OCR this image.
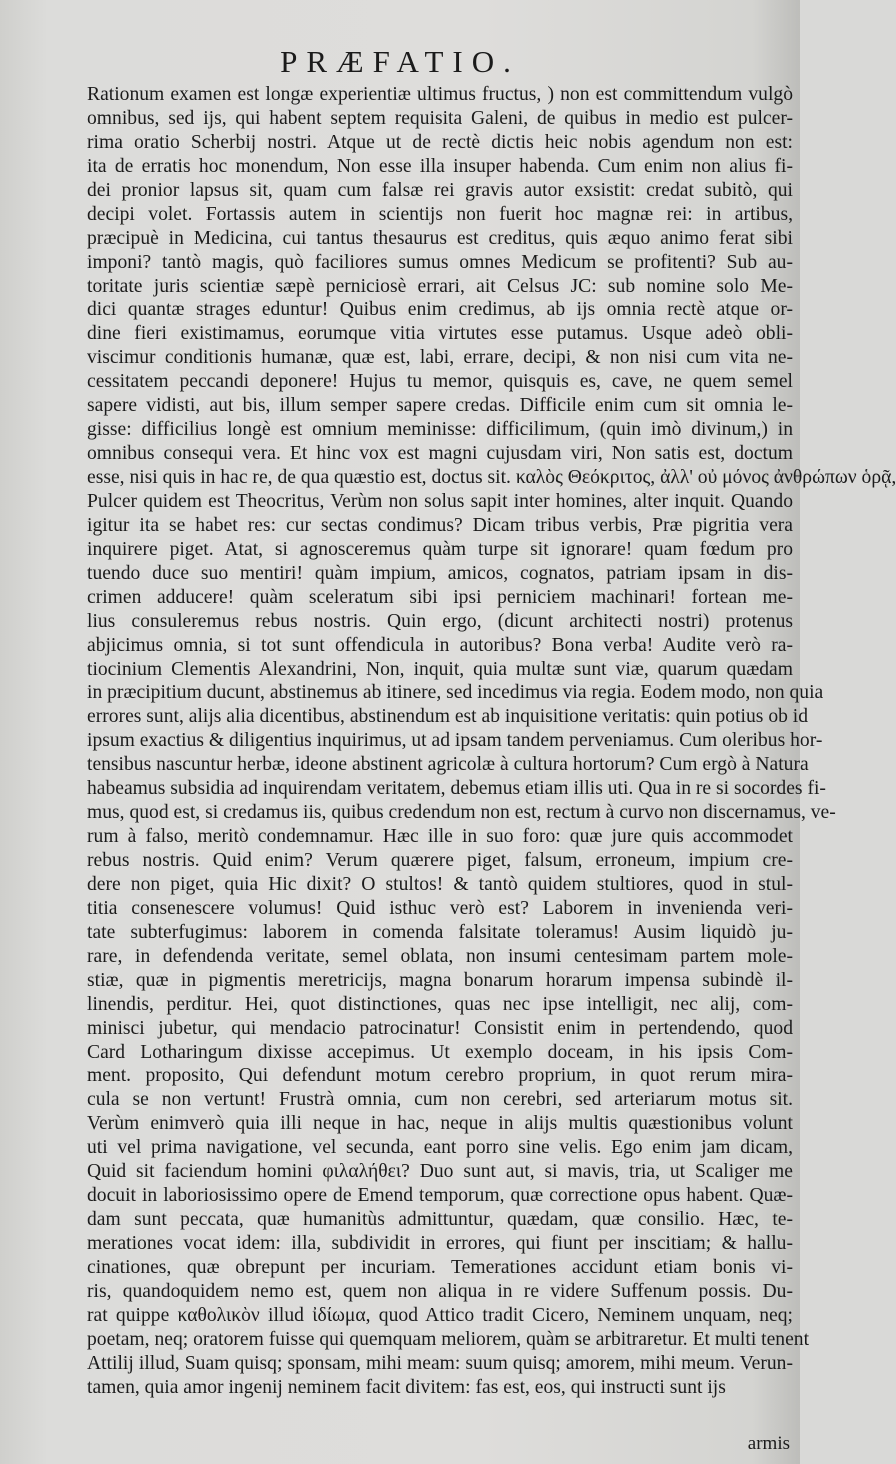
PRÆFATIO.
Rationum examen est longæ experientiæ ultimus fructus, ) non est committendum vulgò
omnibus, sed ijs, qui habent septem requisita Galeni, de quibus in medio est pulcer-
rima oratio Scherbij nostri. Atque ut de rectè dictis heic nobis agendum non est:
ita de erratis hoc monendum, Non esse illa insuper habenda. Cum enim non alius fi-
dei pronior lapsus sit, quam cum falsæ rei gravis autor exsistit: credat subitò, qui
decipi volet. Fortassis autem in scientijs non fuerit hoc magnæ rei: in artibus,
præcipuè in Medicina, cui tantus thesaurus est creditus, quis æquo animo ferat sibi
imponi? tantò magis, quò faciliores sumus omnes Medicum se profitenti? Sub au-
toritate juris scientiæ sæpè perniciosè errari, ait Celsus JC: sub nomine solo Me-
dici quantæ strages eduntur! Quibus enim credimus, ab ijs omnia rectè atque or-
dine fieri existimamus, eorumque vitia virtutes esse putamus. Usque adeò obli-
viscimur conditionis humanæ, quæ est, labi, errare, decipi, & non nisi cum vita ne-
cessitatem peccandi deponere! Hujus tu memor, quisquis es, cave, ne quem semel
sapere vidisti, aut bis, illum semper sapere credas. Difficile enim cum sit omnia le-
gisse: difficilius longè est omnium meminisse: difficilimum, (quin imò divinum,) in
omnibus consequi vera. Et hinc vox est magni cujusdam viri, Non satis est, doctum
esse, nisi quis in hac re, de qua quæstio est, doctus sit. καλὸς Θεόκριτος, ἀλλ' οὐ μόνος ἀνθρώπων ὁρᾷ,
Pulcer quidem est Theocritus, Verùm non solus sapit inter homines, alter inquit. Quando
igitur ita se habet res: cur sectas condimus? Dicam tribus verbis, Præ pigritia vera
inquirere piget. Atat, si agnosceremus quàm turpe sit ignorare! quam fœdum pro
tuendo duce suo mentiri! quàm impium, amicos, cognatos, patriam ipsam in dis-
crimen adducere! quàm sceleratum sibi ipsi perniciem machinari! fortean me-
lius consuleremus rebus nostris. Quin ergo, (dicunt architecti nostri) protenus
abjicimus omnia, si tot sunt offendicula in autoribus? Bona verba! Audite verò ra-
tiocinium Clementis Alexandrini, Non, inquit, quia multæ sunt viæ, quarum quædam
in præcipitium ducunt, abstinemus ab itinere, sed incedimus via regia. Eodem modo, non quia
errores sunt, alijs alia dicentibus, abstinendum est ab inquisitione veritatis: quin potius ob id
ipsum exactius & diligentius inquirimus, ut ad ipsam tandem perveniamus. Cum oleribus hor-
tensibus nascuntur herbæ, ideone abstinent agricolæ à cultura hortorum? Cum ergò à Natura
habeamus subsidia ad inquirendam veritatem, debemus etiam illis uti. Qua in re si socordes fi-
mus, quod est, si credamus iis, quibus credendum non est, rectum à curvo non discernamus, ve-
rum à falso, meritò condemnamur. Hæc ille in suo foro: quæ jure quis accommodet
rebus nostris. Quid enim? Verum quærere piget, falsum, erroneum, impium cre-
dere non piget, quia Hic dixit? O stultos! & tantò quidem stultiores, quod in stul-
titia consenescere volumus! Quid isthuc verò est? Laborem in invenienda veri-
tate subterfugimus: laborem in comenda falsitate toleramus! Ausim liquidò ju-
rare, in defendenda veritate, semel oblata, non insumi centesimam partem mole-
stiæ, quæ in pigmentis meretricijs, magna bonarum horarum impensa subindè il-
linendis, perditur. Hei, quot distinctiones, quas nec ipse intelligit, nec alij, com-
minisci jubetur, qui mendacio patrocinatur! Consistit enim in pertendendo, quod
Card Lotharingum dixisse accepimus. Ut exemplo doceam, in his ipsis Com-
ment. proposito, Qui defendunt motum cerebro proprium, in quot rerum mira-
cula se non vertunt! Frustrà omnia, cum non cerebri, sed arteriarum motus sit.
Verùm enimverò quia illi neque in hac, neque in alijs multis quæstionibus volunt
uti vel prima navigatione, vel secunda, eant porro sine velis. Ego enim jam dicam,
Quid sit faciendum homini φιλαλήθει? Duo sunt aut, si mavis, tria, ut Scaliger me
docuit in laboriosissimo opere de Emend temporum, quæ correctione opus habent. Quæ-
dam sunt peccata, quæ humanitùs admittuntur, quædam, quæ consilio. Hæc, te-
merationes vocat idem: illa, subdividit in errores, qui fiunt per inscitiam; & hallu-
cinationes, quæ obrepunt per incuriam. Temerationes accidunt etiam bonis vi-
ris, quandoquidem nemo est, quem non aliqua in re videre Suffenum possis. Du-
rat quippe καθολικὸν illud ἰδίωμα, quod Attico tradit Cicero, Neminem unquam, neq;
poetam, neq; oratorem fuisse qui quemquam meliorem, quàm se arbitraretur. Et multi tenent
Attilij illud, Suam quisq; sponsam, mihi meam: suum quisq; amorem, mihi meum. Verun-
tamen, quia amor ingenij neminem facit divitem: fas est, eos, qui instructi sunt ijs
armis
